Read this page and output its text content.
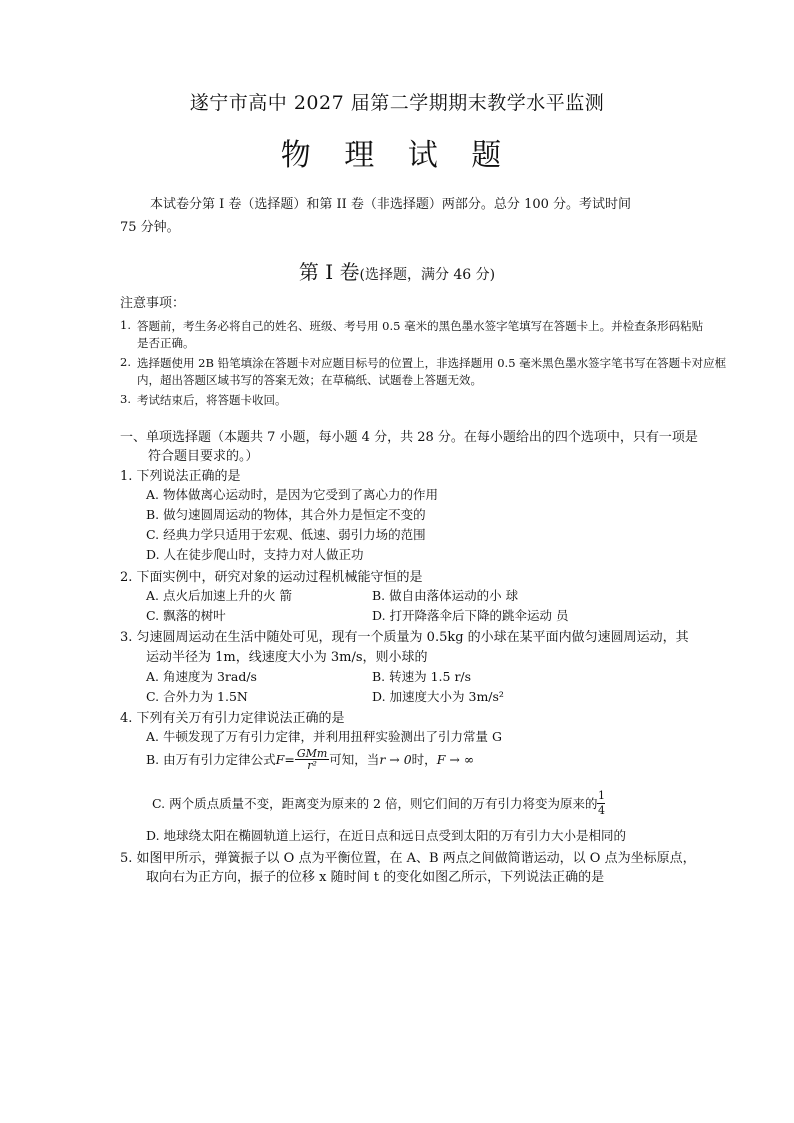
遂宁市高中 2027 届第二学期期末教学水平监测
物 理 试 题
本试卷分第 I 卷（选择题）和第 II 卷（非选择题）两部分。总分 100 分。考试时间
75 分钟。
第 I 卷(选择题，满分 46 分)
注意事项：
1. 答题前，考生务必将自己的姓名、班级、考号用 0.5 毫米的黑色墨水签字笔填写在答题卡上。并检查条形码粘贴
是否正确。
2. 选择题使用 2B 铅笔填涂在答题卡对应题目标号的位置上，非选择题用 0.5 毫米黑色墨水签字笔书写在答题卡对应框
内，超出答题区域书写的答案无效；在草稿纸、试题卷上答题无效。
3. 考试结束后，将答题卡收回。
一、单项选择题（本题共 7 小题，每小题 4 分，共 28 分。在每小题给出的四个选项中，只有一项是
符合题目要求的。）
1. 下列说法正确的是
A. 物体做离心运动时，是因为它受到了离心力的作用
B. 做匀速圆周运动的物体，其合外力是恒定不变的
C. 经典力学只适用于宏观、低速、弱引力场的范围
D. 人在徒步爬山时，支持力对人做正功
2. 下面实例中，研究对象的运动过程机械能守恒的是
A. 点火后加速上升的火 箭	B. 做自由落体运动的小 球
C. 飘落的树叶	D. 打开降落伞后下降的跳伞运动 员
3. 匀速圆周运动在生活中随处可见，现有一个质量为 0.5kg 的小球在某平面内做匀速圆周运动，其
运动半径为 1m，线速度大小为 3m/s，则小球的
A. 角速度为 3rad/s	B. 转速为 1.5 r/s
C. 合外力为 1.5N	D. 加速度大小为 3m/s²
4. 下列有关万有引力定律说法正确的是
A. 牛顿发现了万有引力定律，并利用扭秤实验测出了引力常量 G
B. 由万有引力定律公式 $F = \frac{\text{GMm}}{\text{r²}}$ 可知，当 r → 0 时， F → ∞
C. 两个质点质量不变，距离变为原来的 2 倍，则它们间的万有引力将变为原来的 $\frac{1}{4}$
D. 地球绕太阳在椭圆轨道上运行，在近日点和远日点受到太阳的万有引力大小是相同的
5. 如图甲所示，弹簧振子以 O 点为平衡位置，在 A、B 两点之间做简谐运动，以 O 点为坐标原点，
取向右为正方向，振子的位移 x 随时间 t 的变化如图乙所示，下列说法正确的是
